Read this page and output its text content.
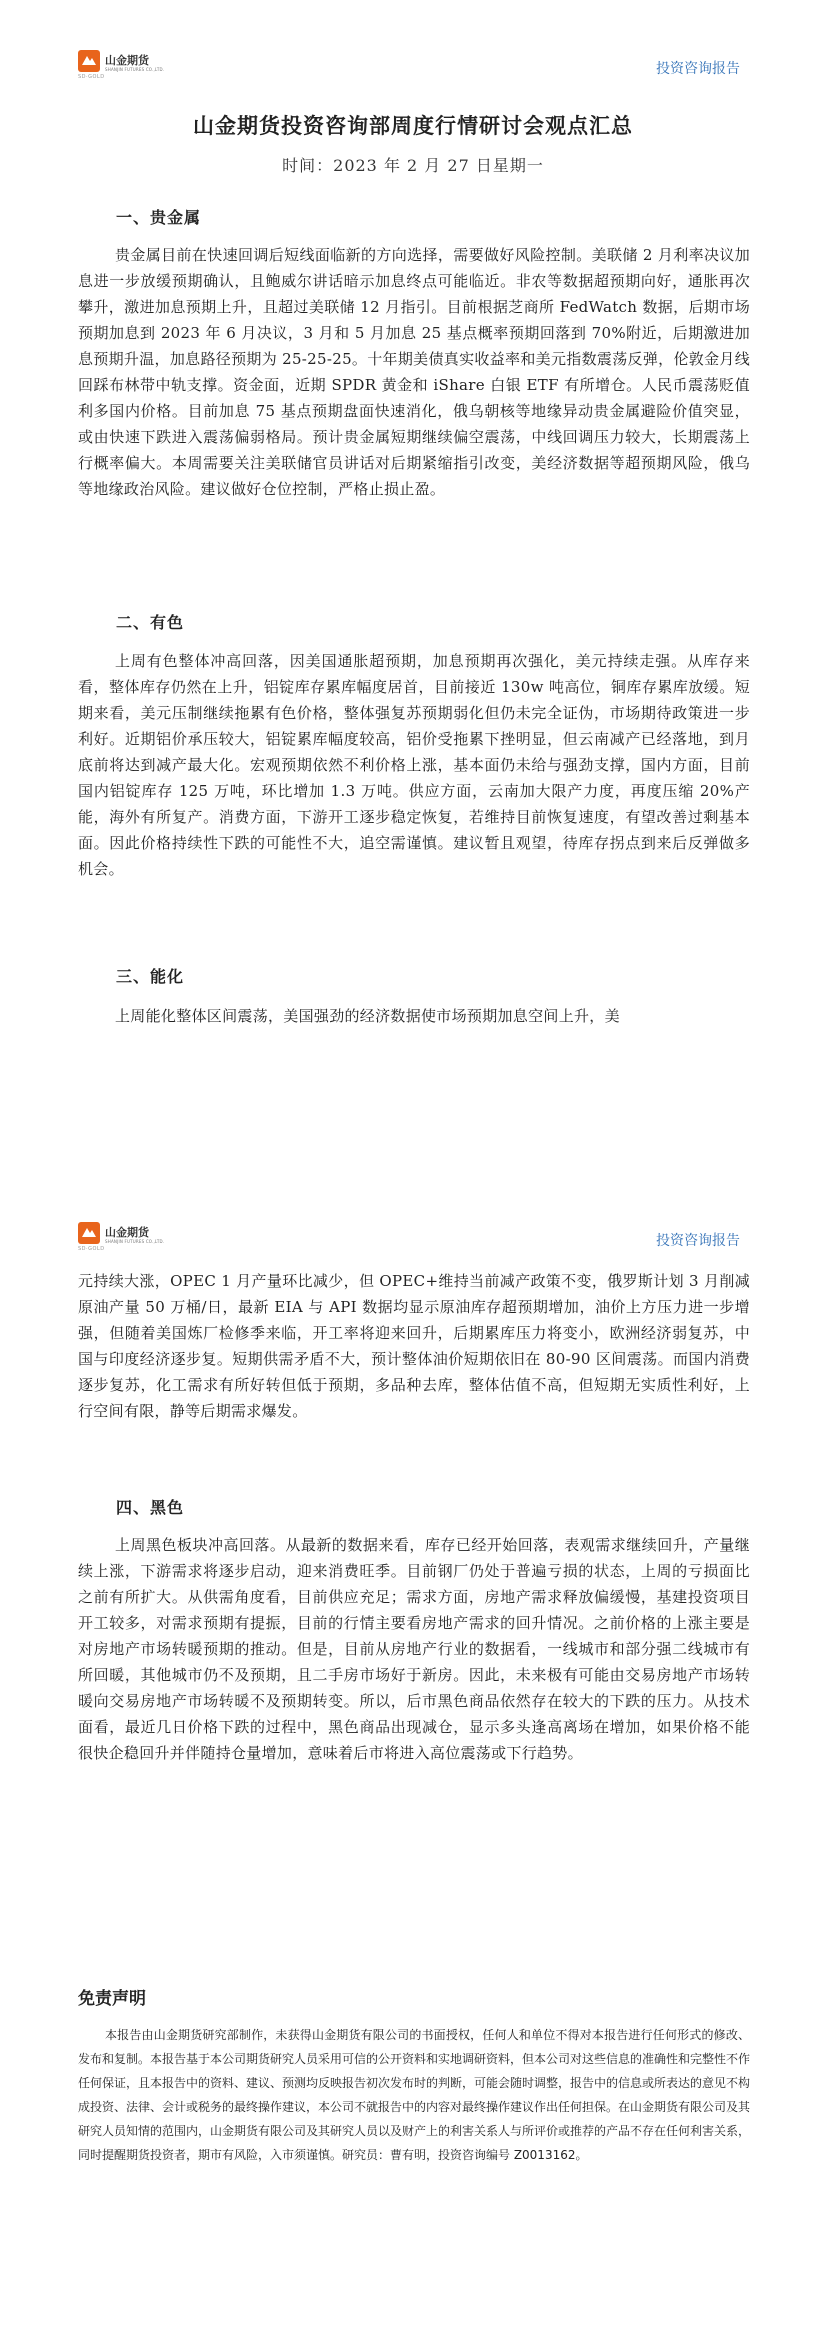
山金期货
SHANJIN FUTURES CO.,LTD.
SD·GOLD	投资咨询报告
山金期货投资咨询部周度行情研讨会观点汇总
时间：2023 年 2 月 27 日星期一
一、贵金属
贵金属目前在快速回调后短线面临新的方向选择，需要做好风险控制。美联储 2 月利率决议加息进一步放缓预期确认，且鲍威尔讲话暗示加息终点可能临近。非农等数据超预期向好，通胀再次攀升，激进加息预期上升，且超过美联储 12 月指引。目前根据芝商所 FedWatch 数据，后期市场预期加息到 2023 年 6 月决议，3 月和 5 月加息 25 基点概率预期回落到 70%附近，后期激进加息预期升温，加息路径预期为 25-25-25。十年期美债真实收益率和美元指数震荡反弹，伦敦金月线回踩布林带中轨支撑。资金面，近期 SPDR 黄金和 iShare 白银 ETF 有所增仓。人民币震荡贬值利多国内价格。目前加息 75 基点预期盘面快速消化，俄乌朝核等地缘异动贵金属避险价值突显，或由快速下跌进入震荡偏弱格局。预计贵金属短期继续偏空震荡，中线回调压力较大，长期震荡上行概率偏大。本周需要关注美联储官员讲话对后期紧缩指引改变，美经济数据等超预期风险，俄乌等地缘政治风险。建议做好仓位控制，严格止损止盈。
二、有色
上周有色整体冲高回落，因美国通胀超预期，加息预期再次强化，美元持续走强。从库存来看，整体库存仍然在上升，铝锭库存累库幅度居首，目前接近 130w 吨高位，铜库存累库放缓。短期来看，美元压制继续拖累有色价格，整体强复苏预期弱化但仍未完全证伪，市场期待政策进一步利好。近期铝价承压较大，铝锭累库幅度较高，铝价受拖累下挫明显，但云南减产已经落地，到月底前将达到减产最大化。宏观预期依然不利价格上涨，基本面仍未给与强劲支撑，国内方面，目前国内铝锭库存 125 万吨，环比增加 1.3 万吨。供应方面，云南加大限产力度，再度压缩 20%产能，海外有所复产。消费方面，下游开工逐步稳定恢复，若维持目前恢复速度，有望改善过剩基本面。因此价格持续性下跌的可能性不大，追空需谨慎。建议暂且观望，待库存拐点到来后反弹做多机会。
三、能化
上周能化整体区间震荡，美国强劲的经济数据使市场预期加息空间上升，美
山金期货
SHANJIN FUTURES CO.,LTD.
SD·GOLD	投资咨询报告
元持续大涨，OPEC 1 月产量环比减少，但 OPEC+维持当前减产政策不变，俄罗斯计划 3 月削减原油产量 50 万桶/日，最新 EIA 与 API 数据均显示原油库存超预期增加，油价上方压力进一步增强，但随着美国炼厂检修季来临，开工率将迎来回升，后期累库压力将变小，欧洲经济弱复苏，中国与印度经济逐步复。短期供需矛盾不大，预计整体油价短期依旧在 80-90 区间震荡。而国内消费逐步复苏，化工需求有所好转但低于预期，多品种去库，整体估值不高，但短期无实质性利好，上行空间有限，静等后期需求爆发。
四、黑色
上周黑色板块冲高回落。从最新的数据来看，库存已经开始回落，表观需求继续回升，产量继续上涨，下游需求将逐步启动，迎来消费旺季。目前钢厂仍处于普遍亏损的状态，上周的亏损面比之前有所扩大。从供需角度看，目前供应充足；需求方面，房地产需求释放偏缓慢，基建投资项目开工较多，对需求预期有提振，目前的行情主要看房地产需求的回升情况。之前价格的上涨主要是对房地产市场转暖预期的推动。但是，目前从房地产行业的数据看，一线城市和部分强二线城市有所回暖，其他城市仍不及预期，且二手房市场好于新房。因此，未来极有可能由交易房地产市场转暖向交易房地产市场转暖不及预期转变。所以，后市黑色商品依然存在较大的下跌的压力。从技术面看，最近几日价格下跌的过程中，黑色商品出现减仓，显示多头逢高离场在增加，如果价格不能很快企稳回升并伴随持仓量增加，意味着后市将进入高位震荡或下行趋势。
免责声明
本报告由山金期货研究部制作，未获得山金期货有限公司的书面授权，任何人和单位不得对本报告进行任何形式的修改、发布和复制。本报告基于本公司期货研究人员采用可信的公开资料和实地调研资料，但本公司对这些信息的准确性和完整性不作任何保证，且本报告中的资料、建议、预测均反映报告初次发布时的判断，可能会随时调整，报告中的信息或所表达的意见不构成投资、法律、会计或税务的最终操作建议，本公司不就报告中的内容对最终操作建议作出任何担保。在山金期货有限公司及其研究人员知情的范围内，山金期货有限公司及其研究人员以及财产上的利害关系人与所评价或推荐的产品不存在任何利害关系，同时提醒期货投资者，期市有风险，入市须谨慎。研究员：曹有明，投资咨询编号 Z0013162。
